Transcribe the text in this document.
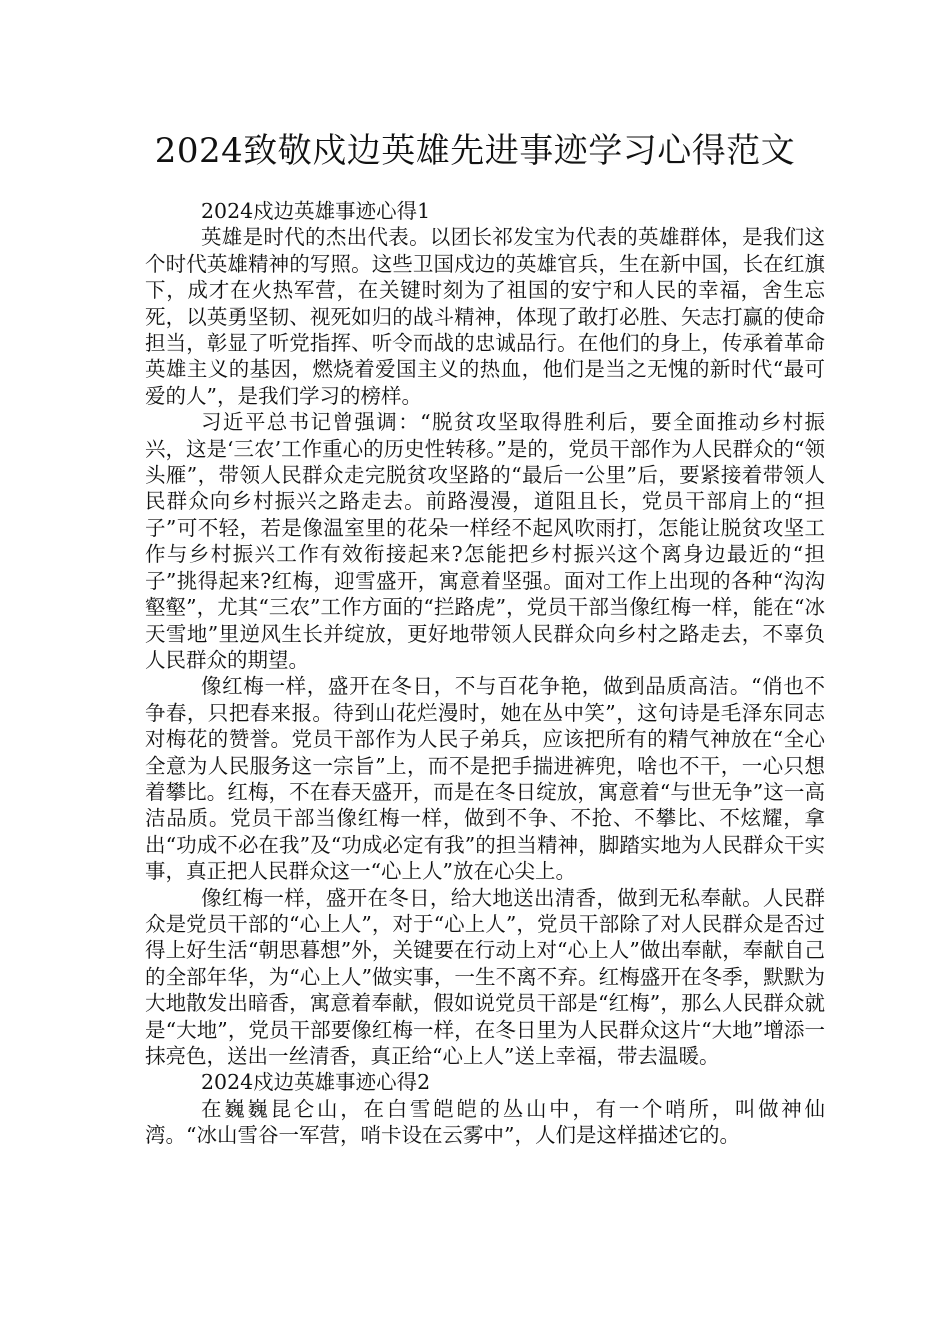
2024致敬戍边英雄先进事迹学习心得范文

2024戍边英雄事迹心得1

英雄是时代的杰出代表。以团长祁发宝为代表的英雄群体，是我们这个时代英雄精神的写照。这些卫国戍边的英雄官兵，生在新中国，长在红旗下，成才在火热军营，在关键时刻为了祖国的安宁和人民的幸福，舍生忘死，以英勇坚韧、视死如归的战斗精神，体现了敢打必胜、矢志打赢的使命担当，彰显了听党指挥、听令而战的忠诚品行。在他们的身上，传承着革命英雄主义的基因，燃烧着爱国主义的热血，他们是当之无愧的新时代“最可爱的人”，是我们学习的榜样。

习近平总书记曾强调：“脱贫攻坚取得胜利后，要全面推动乡村振兴，这是‘三农’工作重心的历史性转移。”是的，党员干部作为人民群众的“领头雁”，带领人民群众走完脱贫攻坚路的“最后一公里”后，要紧接着带领人民群众向乡村振兴之路走去。前路漫漫，道阻且长，党员干部肩上的“担子”可不轻，若是像温室里的花朵一样经不起风吹雨打，怎能让脱贫攻坚工作与乡村振兴工作有效衔接起来?怎能把乡村振兴这个离身边最近的“担子”挑得起来?红梅，迎雪盛开，寓意着坚强。面对工作上出现的各种“沟沟壑壑”，尤其“三农”工作方面的“拦路虎”，党员干部当像红梅一样，能在“冰天雪地”里逆风生长并绽放，更好地带领人民群众向乡村之路走去，不辜负人民群众的期望。

像红梅一样，盛开在冬日，不与百花争艳，做到品质高洁。“俏也不争春，只把春来报。待到山花烂漫时，她在丛中笑”，这句诗是毛泽东同志对梅花的赞誉。党员干部作为人民子弟兵，应该把所有的精气神放在“全心全意为人民服务这一宗旨”上，而不是把手揣进裤兜，啥也不干，一心只想着攀比。红梅，不在春天盛开，而是在冬日绽放，寓意着“与世无争”这一高洁品质。党员干部当像红梅一样，做到不争、不抢、不攀比、不炫耀，拿出“功成不必在我”及“功成必定有我”的担当精神，脚踏实地为人民群众干实事，真正把人民群众这一“心上人”放在心尖上。

像红梅一样，盛开在冬日，给大地送出清香，做到无私奉献。人民群众是党员干部的“心上人”，对于“心上人”，党员干部除了对人民群众是否过得上好生活“朝思暮想”外，关键要在行动上对“心上人”做出奉献，奉献自己的全部年华，为“心上人”做实事，一生不离不弃。红梅盛开在冬季，默默为大地散发出暗香，寓意着奉献，假如说党员干部是“红梅”，那么人民群众就是“大地”，党员干部要像红梅一样，在冬日里为人民群众这片“大地”增添一抹亮色，送出一丝清香，真正给“心上人”送上幸福，带去温暖。

2024戍边英雄事迹心得2

在巍巍昆仑山，在白雪皑皑的丛山中，有一个哨所，叫做神仙湾。“冰山雪谷一军营，哨卡设在云雾中”，人们是这样描述它的。
